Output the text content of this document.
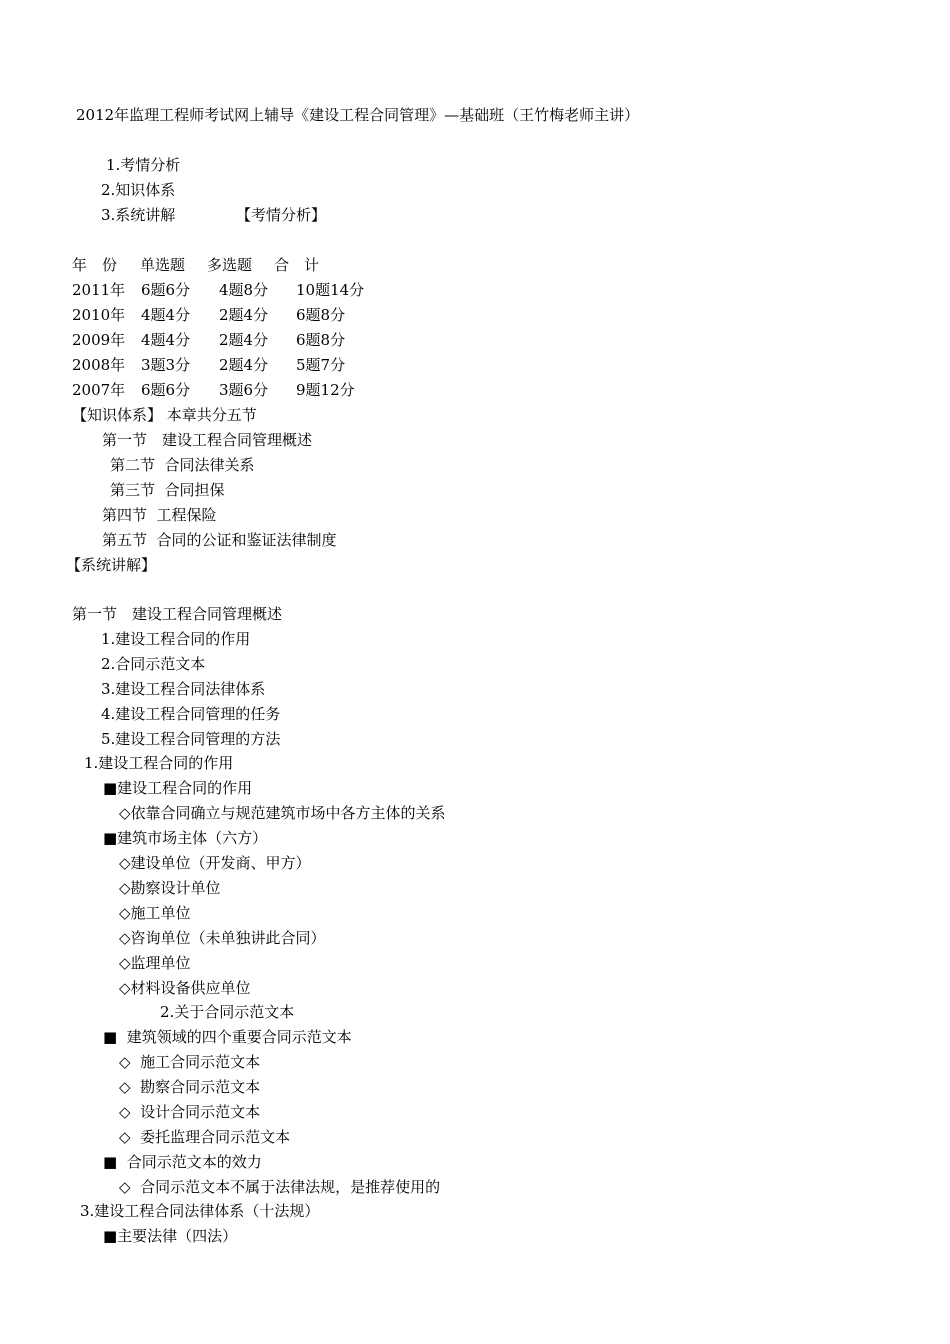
2012年监理工程师考试网上辅导《建设工程合同管理》—基础班（王竹梅老师主讲）
1.考情分析
2.知识体系
3.系统讲解	【考情分析】
年　份 单选题 多选题 合　计
2011年 6题6分 4题8分 10题14分
2010年 4题4分 2题4分 6题8分
2009年 4题4分 2题4分 6题8分
2008年 3题3分 2题4分 5题7分
2007年 6题6分 3题6分 9题12分
【知识体系】 本章共分五节
第一节　建设工程合同管理概述
第二节  合同法律关系
第三节  合同担保
第四节  工程保险
第五节  合同的公证和鉴证法律制度
【系统讲解】
第一节　建设工程合同管理概述
1.建设工程合同的作用
2.合同示范文本
3.建设工程合同法律体系
4.建设工程合同管理的任务
5.建设工程合同管理的方法
1.建设工程合同的作用
■建设工程合同的作用
◇依靠合同确立与规范建筑市场中各方主体的关系
■建筑市场主体（六方）
◇建设单位（开发商、甲方）
◇勘察设计单位
◇施工单位
◇咨询单位（未单独讲此合同）
◇监理单位
◇材料设备供应单位
2.关于合同示范文本
■  建筑领域的四个重要合同示范文本
◇  施工合同示范文本
◇  勘察合同示范文本
◇  设计合同示范文本
◇  委托监理合同示范文本
■  合同示范文本的效力
◇  合同示范文本不属于法律法规，是推荐使用的
3.建设工程合同法律体系（十法规）
■主要法律（四法）
